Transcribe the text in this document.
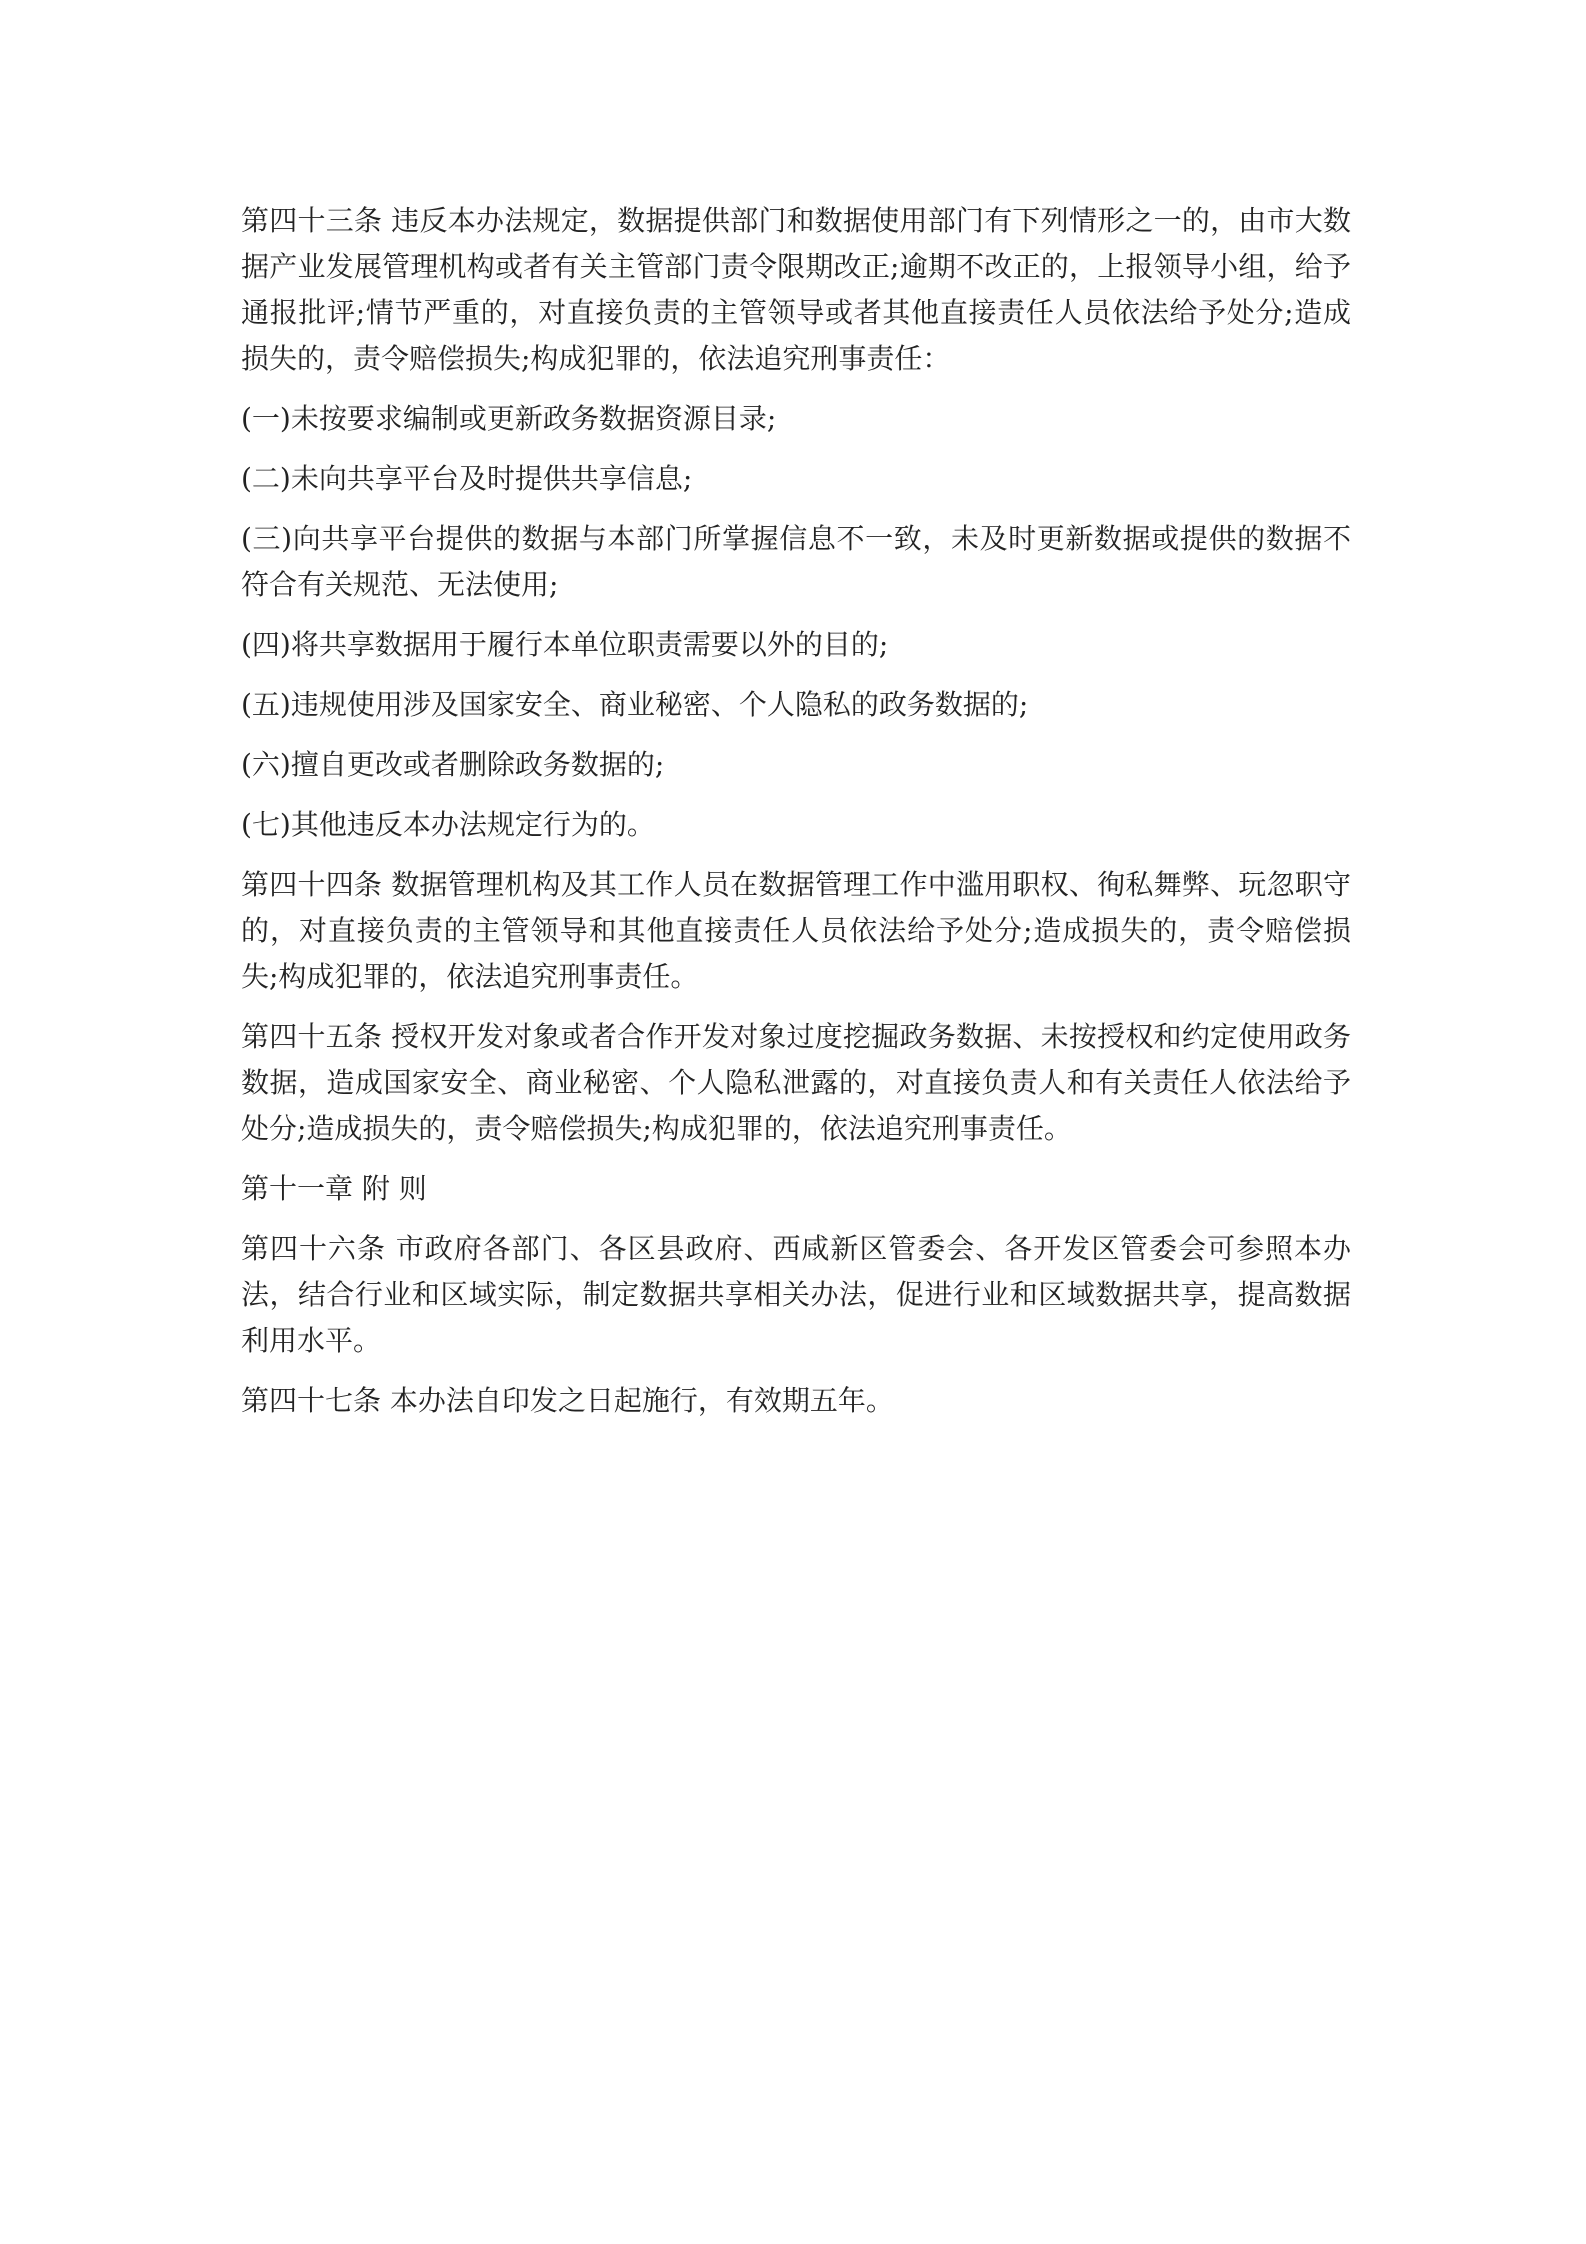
第四十三条 违反本办法规定，数据提供部门和数据使用部门有下列情形之一的，由市大数据产业发展管理机构或者有关主管部门责令限期改正;逾期不改正的，上报领导小组，给予通报批评;情节严重的，对直接负责的主管领导或者其他直接责任人员依法给予处分;造成损失的，责令赔偿损失;构成犯罪的，依法追究刑事责任：

(一)未按要求编制或更新政务数据资源目录;

(二)未向共享平台及时提供共享信息;

(三)向共享平台提供的数据与本部门所掌握信息不一致，未及时更新数据或提供的数据不符合有关规范、无法使用;

(四)将共享数据用于履行本单位职责需要以外的目的;

(五)违规使用涉及国家安全、商业秘密、个人隐私的政务数据的;

(六)擅自更改或者删除政务数据的;

(七)其他违反本办法规定行为的。

第四十四条 数据管理机构及其工作人员在数据管理工作中滥用职权、徇私舞弊、玩忽职守的，对直接负责的主管领导和其他直接责任人员依法给予处分;造成损失的，责令赔偿损失;构成犯罪的，依法追究刑事责任。

第四十五条 授权开发对象或者合作开发对象过度挖掘政务数据、未按授权和约定使用政务数据，造成国家安全、商业秘密、个人隐私泄露的，对直接负责人和有关责任人依法给予处分;造成损失的，责令赔偿损失;构成犯罪的，依法追究刑事责任。

第十一章 附 则

第四十六条 市政府各部门、各区县政府、西咸新区管委会、各开发区管委会可参照本办法，结合行业和区域实际，制定数据共享相关办法，促进行业和区域数据共享，提高数据利用水平。

第四十七条 本办法自印发之日起施行，有效期五年。
